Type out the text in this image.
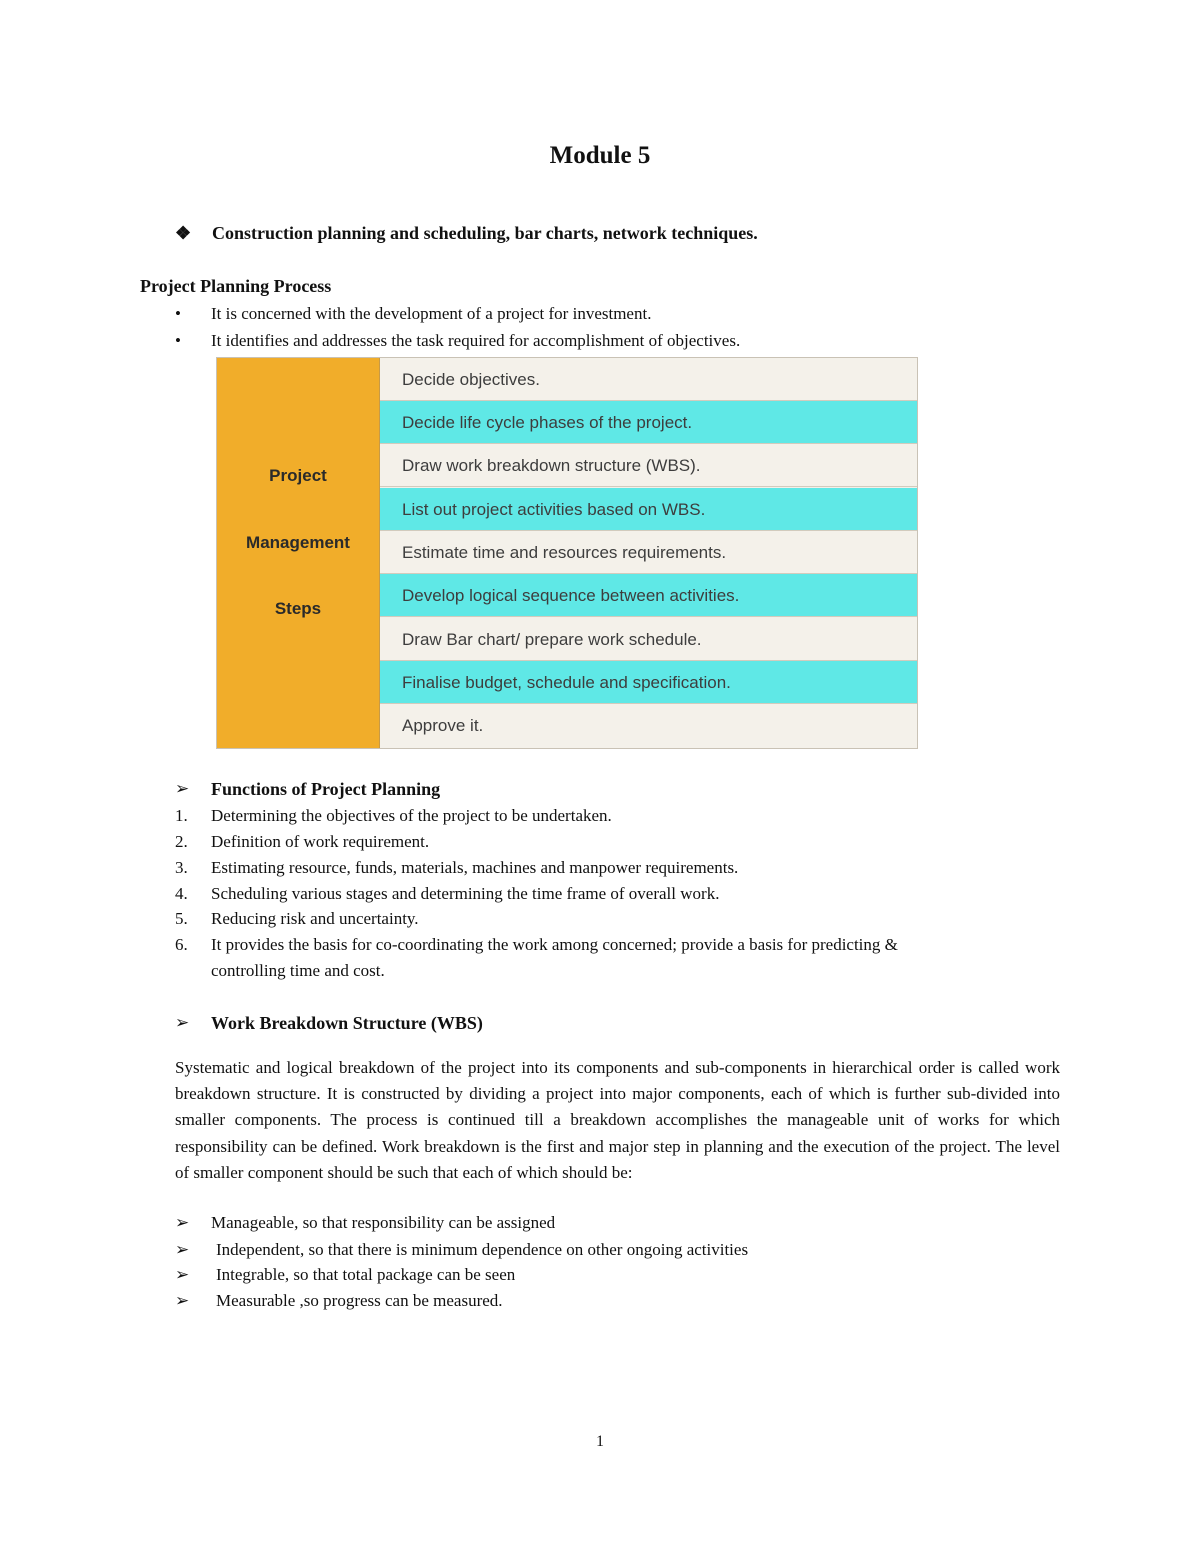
Module 5
❖	Construction planning and scheduling, bar charts, network techniques.
Project Planning Process
•	It is concerned with the development of a project for investment.
•	It identifies and addresses the task required for accomplishment of objectives.
Project
Management
Steps
Decide objectives.
Decide life cycle phases of the project.
Draw work breakdown structure (WBS).
List out project activities based on WBS.
Estimate time and resources requirements.
Develop logical sequence between activities.
Draw Bar chart/ prepare work schedule.
Finalise budget, schedule and specification.
Approve it.
➢	Functions of Project Planning
1.	Determining the objectives of the project to be undertaken.
2.	Definition of work requirement.
3.	Estimating resource, funds, materials, machines and manpower requirements.
4.	Scheduling various stages and determining the time frame of overall work.
5.	Reducing risk and uncertainty.
6.	It provides the basis for co-coordinating the work among concerned; provide a basis for predicting &
controlling time and cost.
➢	Work Breakdown Structure (WBS)
Systematic and logical breakdown of the project into its components and sub-components in hierarchical order is called work breakdown structure. It is constructed by dividing a project into major components, each of which is further sub-divided into smaller components. The process is continued till a breakdown accomplishes the manageable unit of works for which responsibility can be defined. Work breakdown is the first and major step in planning and the execution of the project. The level of smaller component should be such that each of which should be:
➢	Manageable, so that responsibility can be assigned
➢	Independent, so that there is minimum dependence on other ongoing activities
➢	Integrable, so that total package can be seen
➢	Measurable ,so progress can be measured.
1
